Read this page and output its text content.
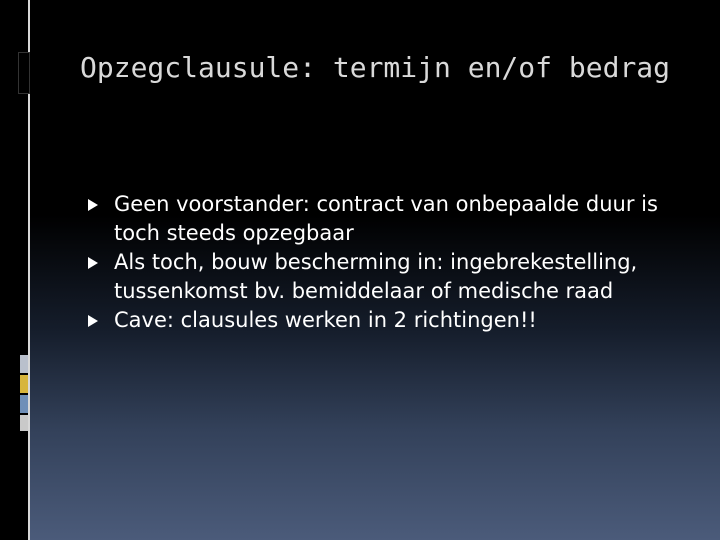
Opzegclausule: termijn en/of bedrag
Geen voorstander: contract van onbepaalde duur is toch steeds opzegbaar
Als toch, bouw bescherming in: ingebrekestelling, tussenkomst bv. bemiddelaar of medische raad
Cave: clausules werken in 2 richtingen!!
